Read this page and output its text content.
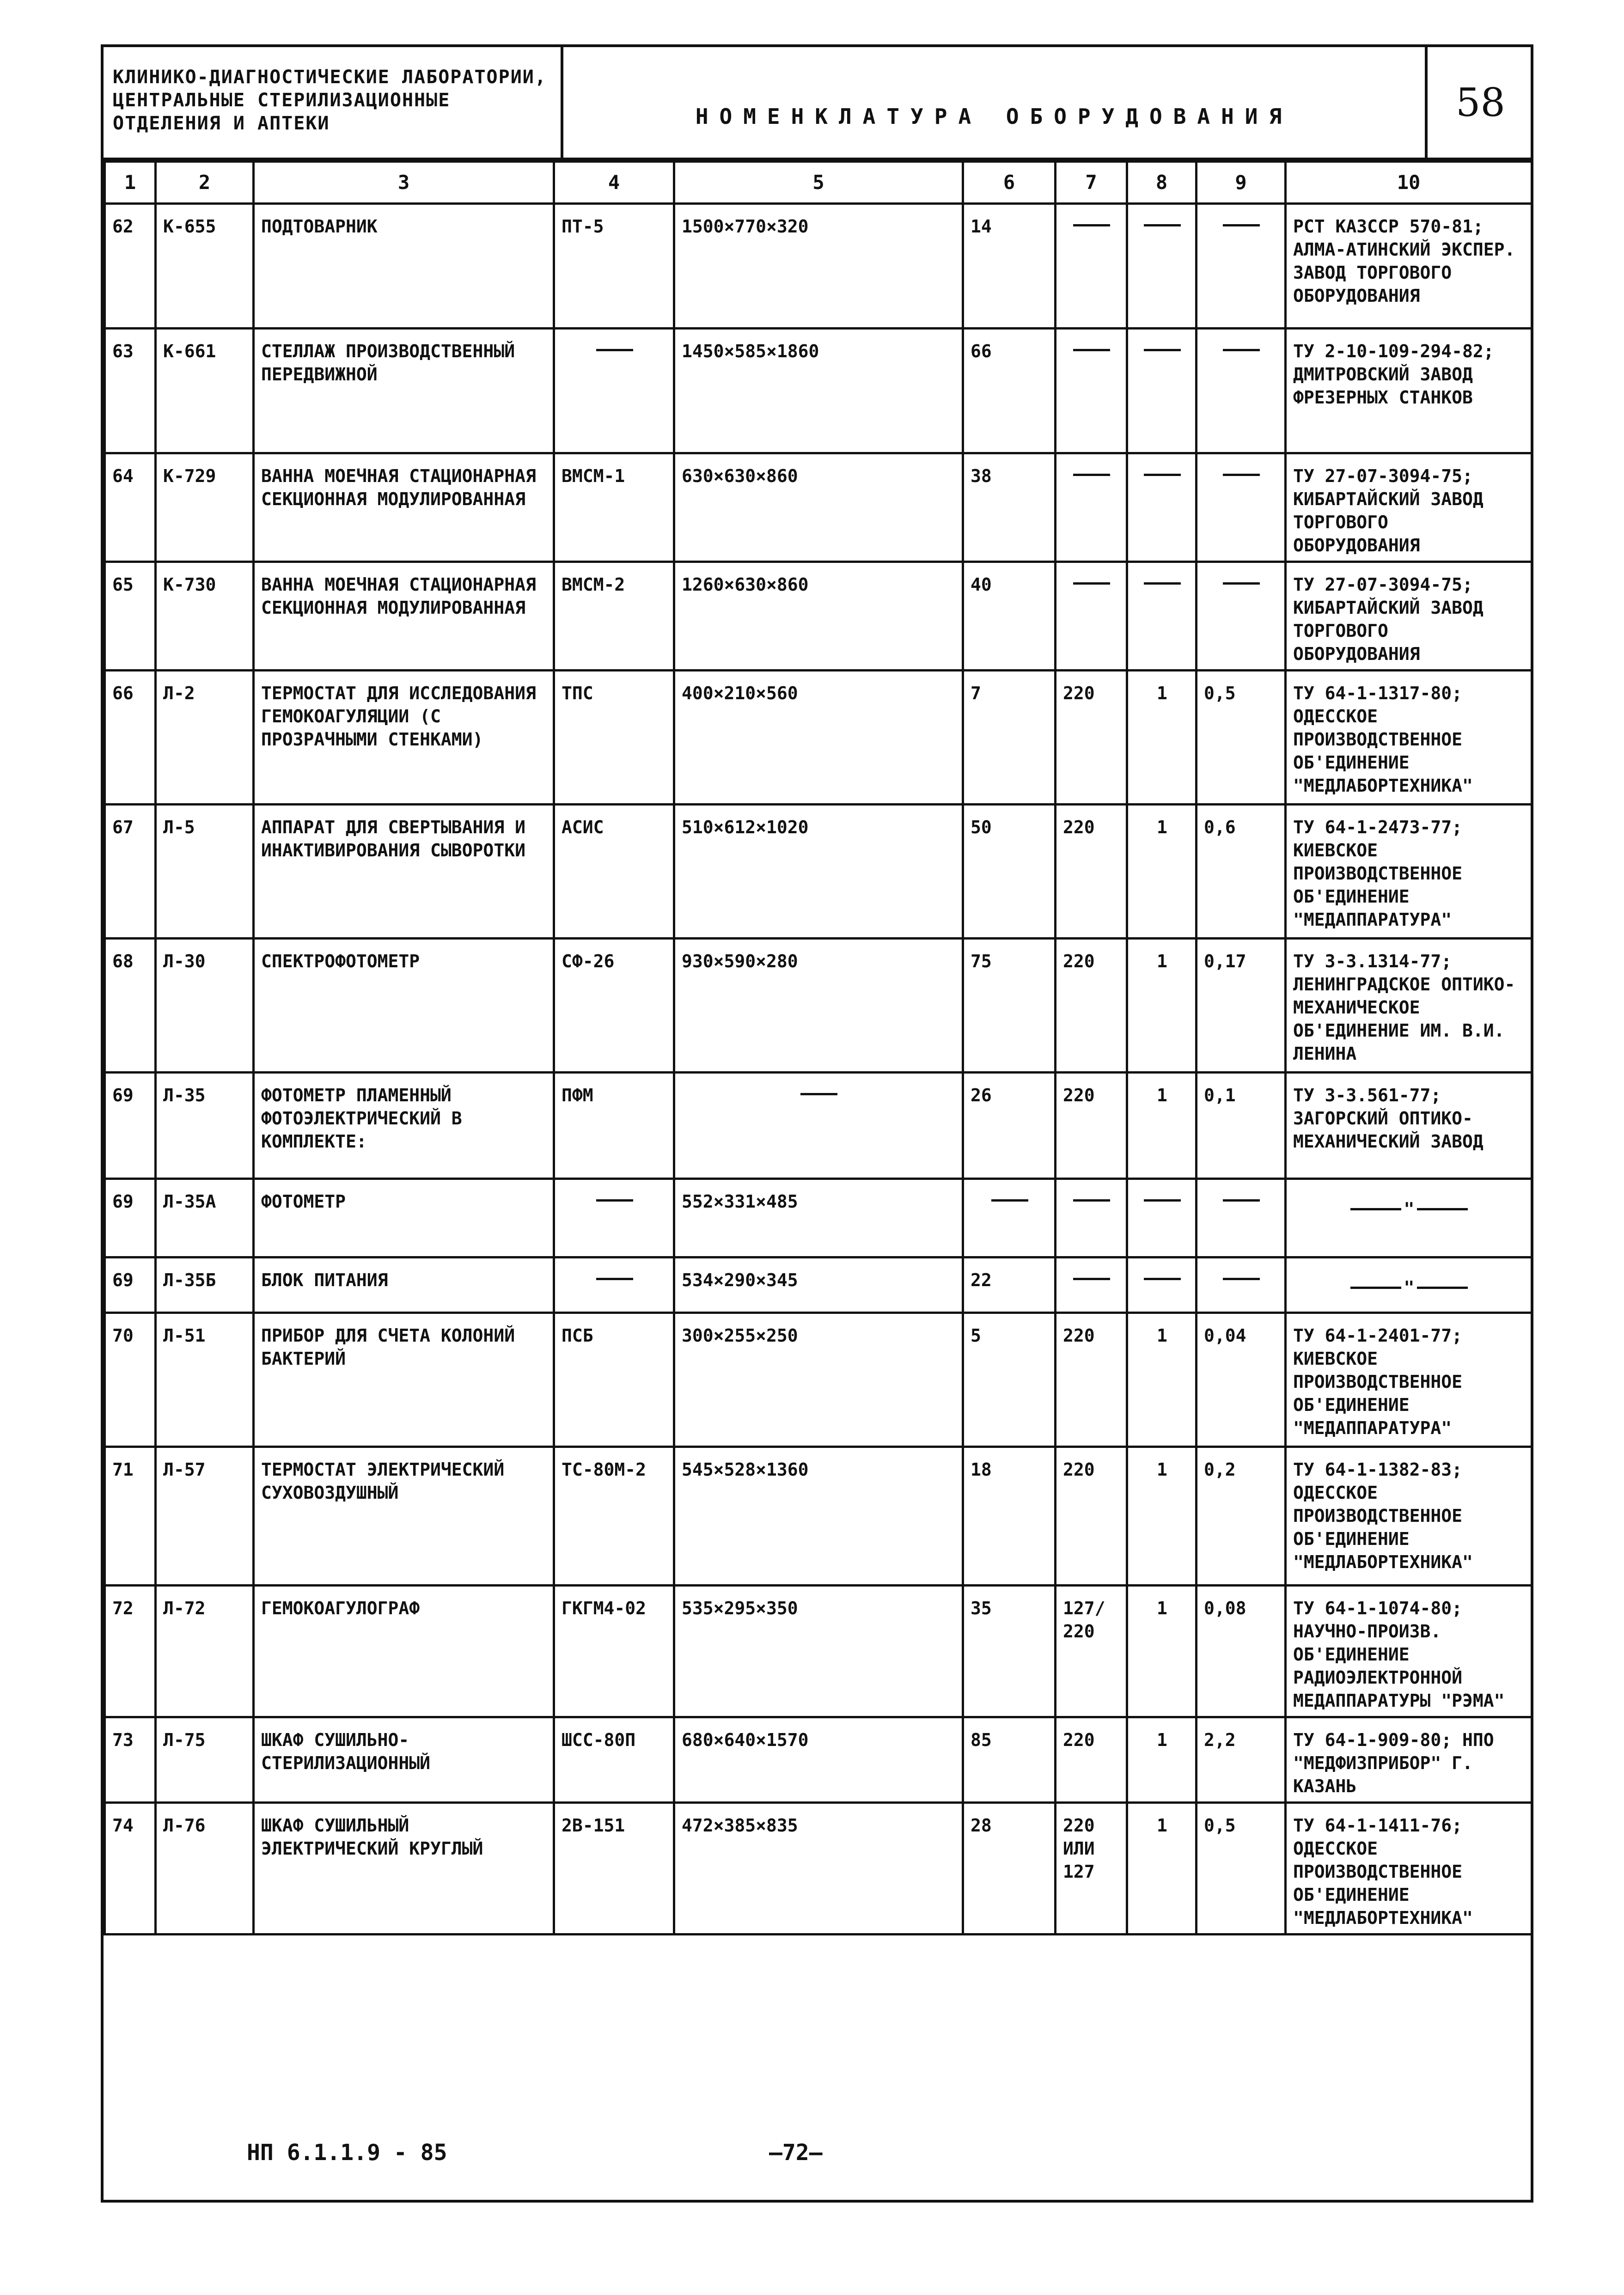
КЛИНИКО-ДИАГНОСТИЧЕСКИЕ ЛАБОРАТОРИИ, ЦЕНТРАЛЬНЫЕ СТЕРИЛИЗАЦИОННЫЕ ОТДЕЛЕНИЯ И АПТЕКИ	НОМЕНКЛАТУРА ОБОРУДОВАНИЯ	58
1	2	3	4	5	6	7	8	9	10
62	К-655	ПОДТОВАРНИК	ПТ-5	1500×770×320	14				РСТ КАЗССР 570-81; АЛМА-АТИНСКИЙ ЭКСПЕР. ЗАВОД ТОРГОВОГО ОБОРУДОВАНИЯ
63	К-661	СТЕЛЛАЖ ПРОИЗВОДСТВЕННЫЙ ПЕРЕДВИЖНОЙ		1450×585×1860	66				ТУ 2-10-109-294-82; ДМИТРОВСКИЙ ЗАВОД ФРЕЗЕРНЫХ СТАНКОВ
64	К-729	ВАННА МОЕЧНАЯ СТАЦИОНАРНАЯ СЕКЦИОННАЯ МОДУЛИРОВАННАЯ	ВМСМ-1	630×630×860	38				ТУ 27-07-3094-75; КИБАРТАЙСКИЙ ЗАВОД ТОРГОВОГО ОБОРУДОВАНИЯ
65	К-730	ВАННА МОЕЧНАЯ СТАЦИОНАРНАЯ СЕКЦИОННАЯ МОДУЛИРОВАННАЯ	ВМСМ-2	1260×630×860	40				ТУ 27-07-3094-75; КИБАРТАЙСКИЙ ЗАВОД ТОРГОВОГО ОБОРУДОВАНИЯ
66	Л-2	ТЕРМОСТАТ ДЛЯ ИССЛЕДОВАНИЯ ГЕМОКОАГУЛЯЦИИ (С ПРОЗРАЧНЫМИ СТЕНКАМИ)	ТПС	400×210×560	7	220	1	0,5	ТУ 64-1-1317-80; ОДЕССКОЕ ПРОИЗВОДСТВЕННОЕ ОБ'ЕДИНЕНИЕ "МЕДЛАБОРТЕХНИКА"
67	Л-5	АППАРАТ ДЛЯ СВЕРТЫВАНИЯ И ИНАКТИВИРОВАНИЯ СЫВОРОТКИ	АСИС	510×612×1020	50	220	1	0,6	ТУ 64-1-2473-77; КИЕВСКОЕ ПРОИЗВОДСТВЕННОЕ ОБ'ЕДИНЕНИЕ "МЕДАППАРАТУРА"
68	Л-30	СПЕКТРОФОТОМЕТР	СФ-26	930×590×280	75	220	1	0,17	ТУ 3-3.1314-77; ЛЕНИНГРАДСКОЕ ОПТИКО-МЕХАНИЧЕСКОЕ ОБ'ЕДИНЕНИЕ ИМ. В.И. ЛЕНИНА
69	Л-35	ФОТОМЕТР ПЛАМЕННЫЙ ФОТОЭЛЕКТРИЧЕСКИЙ В КОМПЛЕКТЕ:	ПФМ		26	220	1	0,1	ТУ 3-3.561-77; ЗАГОРСКИЙ ОПТИКО-МЕХАНИЧЕСКИЙ ЗАВОД
69	Л-35А	ФОТОМЕТР		552×331×485					"

69	Л-35Б	БЛОК ПИТАНИЯ		534×290×345	22				"

70	Л-51	ПРИБОР ДЛЯ СЧЕТА КОЛОНИЙ БАКТЕРИЙ	ПСБ	300×255×250	5	220	1	0,04	ТУ 64-1-2401-77; КИЕВСКОЕ ПРОИЗВОДСТВЕННОЕ ОБ'ЕДИНЕНИЕ "МЕДАППАРАТУРА"
71	Л-57	ТЕРМОСТАТ ЭЛЕКТРИЧЕСКИЙ СУХОВОЗДУШНЫЙ	ТС-80М-2	545×528×1360	18	220	1	0,2	ТУ 64-1-1382-83; ОДЕССКОЕ ПРОИЗВОДСТВЕННОЕ ОБ'ЕДИНЕНИЕ "МЕДЛАБОРТЕХНИКА"
72	Л-72	ГЕМОКОАГУЛОГРАФ	ГКГМ4-02	535×295×350	35	127/ 220	1	0,08	ТУ 64-1-1074-80; НАУЧНО-ПРОИЗВ. ОБ'ЕДИНЕНИЕ РАДИОЭЛЕКТРОННОЙ МЕДАППАРАТУРЫ "РЭМА"
73	Л-75	ШКАФ СУШИЛЬНО-СТЕРИЛИЗАЦИОННЫЙ	ШСС-80П	680×640×1570	85	220	1	2,2	ТУ 64-1-909-80; НПО "МЕДФИЗПРИБОР" Г. КАЗАНЬ
74	Л-76	ШКАФ СУШИЛЬНЫЙ ЭЛЕКТРИЧЕСКИЙ КРУГЛЫЙ	2В-151	472×385×835	28	220 ИЛИ 127	1	0,5	ТУ 64-1-1411-76; ОДЕССКОЕ ПРОИЗВОДСТВЕННОЕ ОБ'ЕДИНЕНИЕ "МЕДЛАБОРТЕХНИКА"
НП 6.1.1.9 - 85	—72—
